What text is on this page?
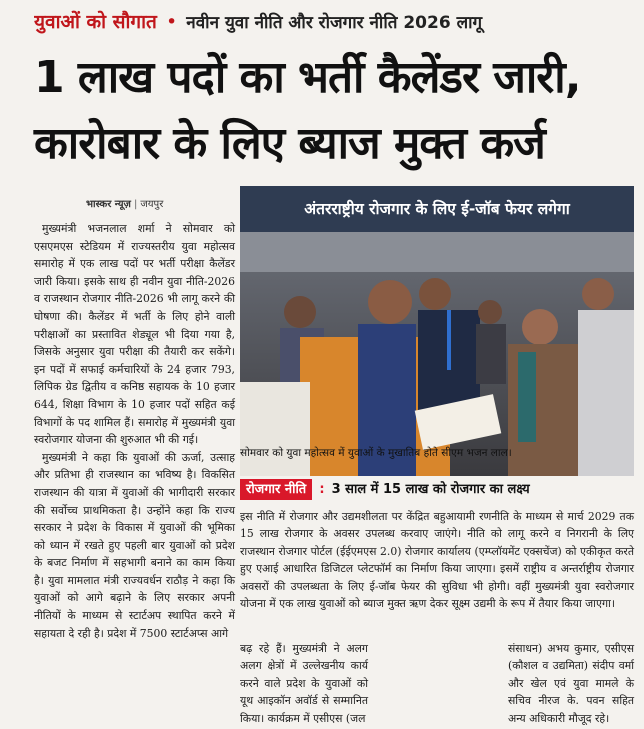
युवाओं को सौगात • नवीन युवा नीति और रोजगार नीति 2026 लागू
1 लाख पदों का भर्ती कैलेंडर जारी,
कारोबार के लिए ब्याज मुक्त कर्ज
भास्कर न्यूज़ | जयपुर

मुख्यमंत्री भजनलाल शर्मा ने सोमवार को एसएमएस स्टेडियम में राज्यस्तरीय युवा महोत्सव समारोह में एक लाख पदों पर भर्ती परीक्षा कैलेंडर जारी किया। इसके साथ ही नवीन युवा नीति-2026 व राजस्थान रोजगार नीति-2026 भी लागू करने की घोषणा की। कैलेंडर में भर्ती के लिए होने वाली परीक्षाओं का प्रस्तावित शेड्यूल भी दिया गया है, जिसके अनुसार युवा परीक्षा की तैयारी कर सकेंगे। इन पदों में सफाई कर्मचारियों के 24 हजार 793, लिपिक ग्रेड द्वितीय व कनिष्ठ सहायक के 10 हजार 644, शिक्षा विभाग के 10 हजार पदों सहित कई विभागों के पद शामिल हैं। समारोह में मुख्यमंत्री युवा स्वरोजगार योजना की शुरुआत भी की गई।

मुख्यमंत्री ने कहा कि युवाओं की ऊर्जा, उत्साह और प्रतिभा ही राजस्थान का भविष्य है। विकसित राजस्थान की यात्रा में युवाओं की भागीदारी सरकार की सर्वोच्च प्राथमिकता है। उन्होंने कहा कि राज्य सरकार ने प्रदेश के विकास में युवाओं की भूमिका को ध्यान में रखते हुए पहली बार युवाओं को प्रदेश के बजट निर्माण में सहभागी बनाने का काम किया है। युवा मामलात मंत्री राज्यवर्धन राठौड़ ने कहा कि युवाओं को आगे बढ़ाने के लिए सरकार अपनी नीतियों के माध्यम से स्टार्टअप स्थापित करने में सहायता दे रही है। प्रदेश में 7500 स्टार्टअप्स आगे

अंतरराष्ट्रीय रोजगार के लिए ई-जॉब फेयर लगेगा
सोमवार को युवा महोत्सव में युवाओं के मुखातिब होते सीएम भजन लाल।
रोजगार नीति : 3 साल में 15 लाख को रोजगार का लक्ष्य
इस नीति में रोजगार और उद्यमशीलता पर केंद्रित बहुआयामी रणनीति के माध्यम से मार्च 2029 तक 15 लाख रोजगार के अवसर उपलब्ध करवाए जाएंगे। नीति को लागू करने व निगरानी के लिए राजस्थान रोजगार पोर्टल (ईईएमएस 2.0) रोजगार कार्यालय (एम्प्लॉयमेंट एक्सचेंज) को एकीकृत करते हुए एआई आधारित डिजिटल प्लेटफॉर्म का निर्माण किया जाएगा। इसमें राष्ट्रीय व अन्तर्राष्ट्रीय रोजगार अवसरों की उपलब्धता के लिए ई-जॉब फेयर की सुविधा भी होगी। वहीं मुख्यमंत्री युवा स्वरोजगार योजना में एक लाख युवाओं को ब्याज मुक्त ऋण देकर सूक्ष्म उद्यमी के रूप में तैयार किया जाएगा।
बढ़ रहे हैं। मुख्यमंत्री ने अलग अलग क्षेत्रों में उल्लेखनीय कार्य करने वाले प्रदेश के युवाओं को यूथ आइकॉन अवॉर्ड से सम्मानित किया। कार्यक्रम में एसीएस (जल
संसाधन) अभय कुमार, एसीएस (कौशल व उद्यमिता) संदीप वर्मा और खेल एवं युवा मामले के सचिव नीरज के. पवन सहित अन्य अधिकारी मौजूद रहे।
